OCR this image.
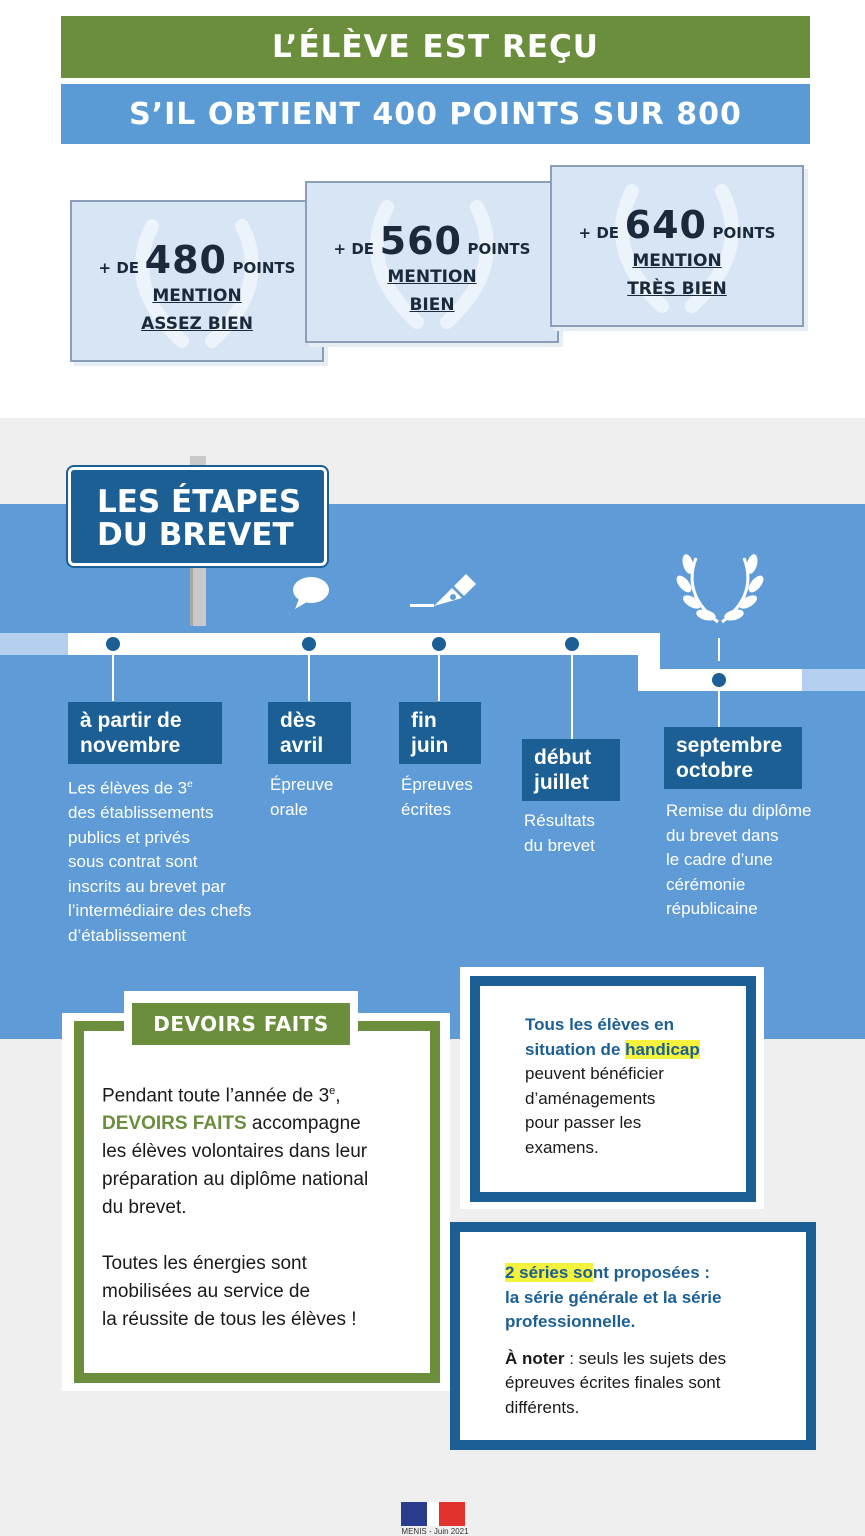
L’ÉLÈVE EST REÇU
S’IL OBTIENT 400 POINTS SUR 800
+ DE 480 POINTS
MENTION
ASSEZ BIEN
+ DE 560 POINTS
MENTION
BIEN
+ DE 640 POINTS
MENTION
TRÈS BIEN
LES ÉTAPES
DU BREVET
à partir de
novembre
Les élèves de 3e
des établissements
publics et privés
sous contrat sont
inscrits au brevet par
l’intermédiaire des chefs
d’établissement
dès
avril
Épreuve
orale
fin
juin
Épreuves
écrites
début
juillet
Résultats
du brevet
septembre
octobre
Remise du diplôme
du brevet dans
le cadre d’une
cérémonie
républicaine
DEVOIRS FAITS
Pendant toute l’année de 3e,
DEVOIRS FAITS accompagne
les élèves volontaires dans leur
préparation au diplôme national
du brevet.
Toutes les énergies sont
mobilisées au service de
la réussite de tous les élèves !
Tous les élèves en
situation de handicap
peuvent bénéficier
d’aménagements
pour passer les
examens.
2 séries sont proposées :
la série générale et la série
professionnelle.
À noter : seuls les sujets des
épreuves écrites finales sont
différents.
MENIS - Juin 2021
